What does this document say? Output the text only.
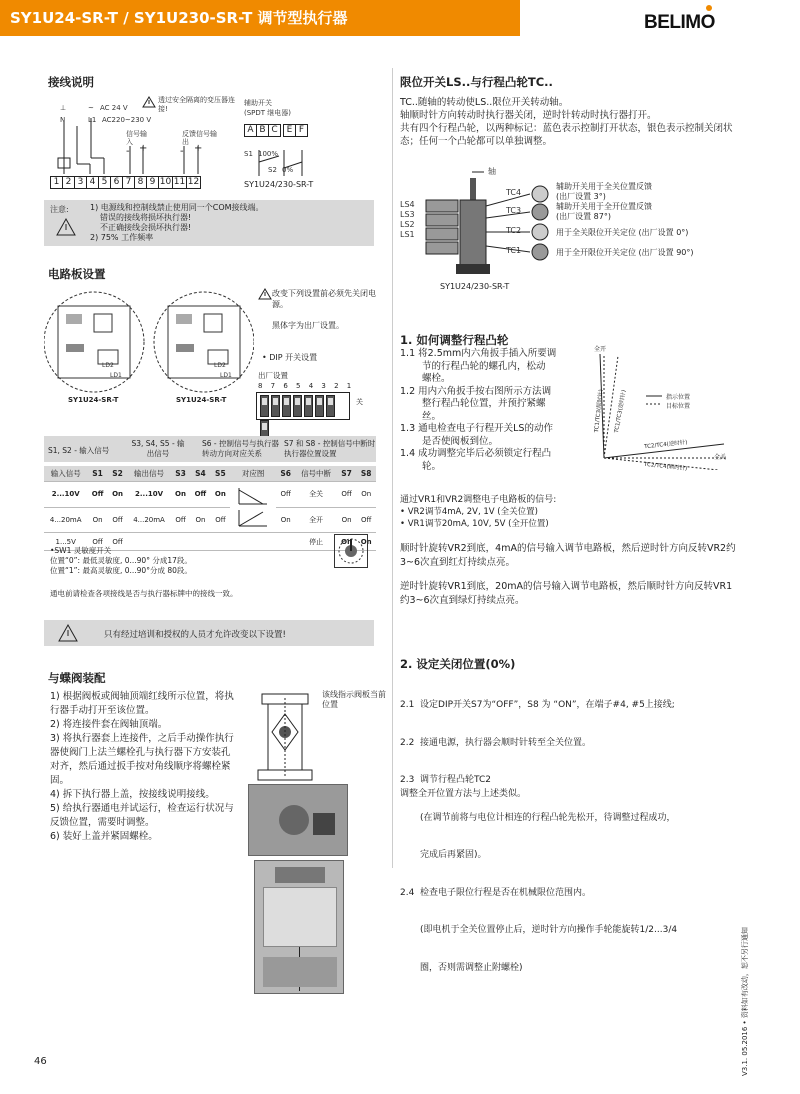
SY1U24-SR-T / SY1U230-SR-T 调节型执行器	BELIMO
接线说明
⊥
N
~ AC 24 V
L1 AC220~230 V
透过安全隔离的变压器连接!
信号输入
反馈信号输出
- +	- +
辅助开关
(SPDT 继电器)
A B C E F
S1 100%
S2 0%
1 2 3 4 5 6 7 8 9 10 11 12	SY1U24/230-SR-T
注意:	1) 电源线和控制线禁止使用同一个COM接线端。
错误的接线将损坏执行器!
不正确接线会损坏执行器!
2) 75% 工作频率
电路板设置
LD2
LD1
LD2
LD1
SY1U24-SR-T	SY1U24-SR-T
改变下列设置前必须先关闭电源。
黑体字为出厂设置。
• DIP 开关设置
出厂设置
8 7 6 5 4 3 2 1
关
S1, S2 - 输入信号
S3, S4, S5 - 输出信号
S6 - 控制信号与执行器转动方向对应关系
S7 和 S8 - 控制信号中断时执行器位置设置
输入信号	S1	S2	输出信号	S3	S4	S5	对应图	S6	信号中断	S7	S8
2...10V	Off	On	2...10V	On	Off	On		Off	全关	Off	On
4...20mA	On	Off	4...20mA	Off	On	Off		On	全开	On	Off
1...5V	Off	Off							停止	On	On
•SW1 灵敏度开关
位置“0”: 最低灵敏度, 0...90° 分成17段。
位置“1”: 最高灵敏度, 0...90°分成 80段。
通电前请检查各项接线是否与执行器标牌中的接线一致。
只有经过培训和授权的人员才允许改变以下设置!
与蝶阀装配
1) 根据阀板或阀轴顶端红线所示位置，将执行器手动打开至该位置。
2) 将连接件套在阀轴顶端。
3) 将执行器套上连接件，之后手动操作执行器使阀门上法兰螺栓孔与执行器下方安装孔对齐，然后通过扳手按对角线顺序将螺栓紧固。
4) 拆下执行器上盖，按接线说明接线。
5) 给执行器通电并试运行，检查运行状况与反馈位置，需要时调整。
6) 装好上盖并紧固螺栓。
该线指示阀板当前位置
限位开关LS..与行程凸轮TC..
TC..随轴的转动使LS..限位开关转动轴。
轴顺时针方向转动时执行器关闭，逆时针转动时执行器打开。
共有四个行程凸轮，以两种标记：蓝色表示控制打开状态，银色表示控制关闭状态；任何一个凸轮都可以单独调整。
轴
LS4
LS3
LS2
LS1
TC4
TC3
TC2
TC1
辅助开关用于全关位置反馈
(出厂设置 3°)
辅助开关用于全开位置反馈
(出厂设置 87°)
用于全关限位开关定位 (出厂设置 0°)
用于全开限位开关定位 (出厂设置 90°)
SY1U24/230-SR-T
1. 如何调整行程凸轮
1.1 将2.5mm内六角扳手插入所要调
节的行程凸轮的螺孔内，松动
螺栓。
1.2 用内六角扳手按右图所示方法调
整行程凸轮位置，并预拧紧螺
丝。
1.3 通电检查电子行程开关LS的动作
是否使阀板到位。
1.4 成功调整完毕后必须锁定行程凸
轮。
全开
全关
指示位置
目标位置
TC1/TC3(顺时针)	TC1/TC3(逆时针)
TC2/TC4(逆时针)
TC2/TC4(顺时针)
通过VR1和VR2调整电子电路板的信号:
• VR2调节4mA, 2V, 1V (全关位置)
• VR1调节20mA, 10V, 5V (全开位置)
顺时针旋转VR2到底，4mA的信号输入调节电路板，然后逆时针方向反转VR2约3~6次直到红灯持续点亮。
逆时针旋转VR1到底，20mA的信号输入调节电路板，然后顺时针方向反转VR1约3~6次直到绿灯持续点亮。
2. 设定关闭位置(0%)

2.1  设定DIP开关S7为“OFF”，S8 为 “ON”，在端子#4, #5上接线;

2.2  接通电源，执行器会顺时针转至全关位置。

2.3  调节行程凸轮TC2

(在调节前将与电位计相连的行程凸轮先松开，待调整过程成功，

完成后再紧固)。

2.4  检查电子限位行程是否在机械限位范围内。

(即电机于全关位置停止后，逆时针方向操作手轮能旋转1/2...3/4

圈，否则需调整止附螺栓)

调整全开位置方法与上述类似。
V3.1. 05.2016 • 资料如有改动，恕不另行通知
46
